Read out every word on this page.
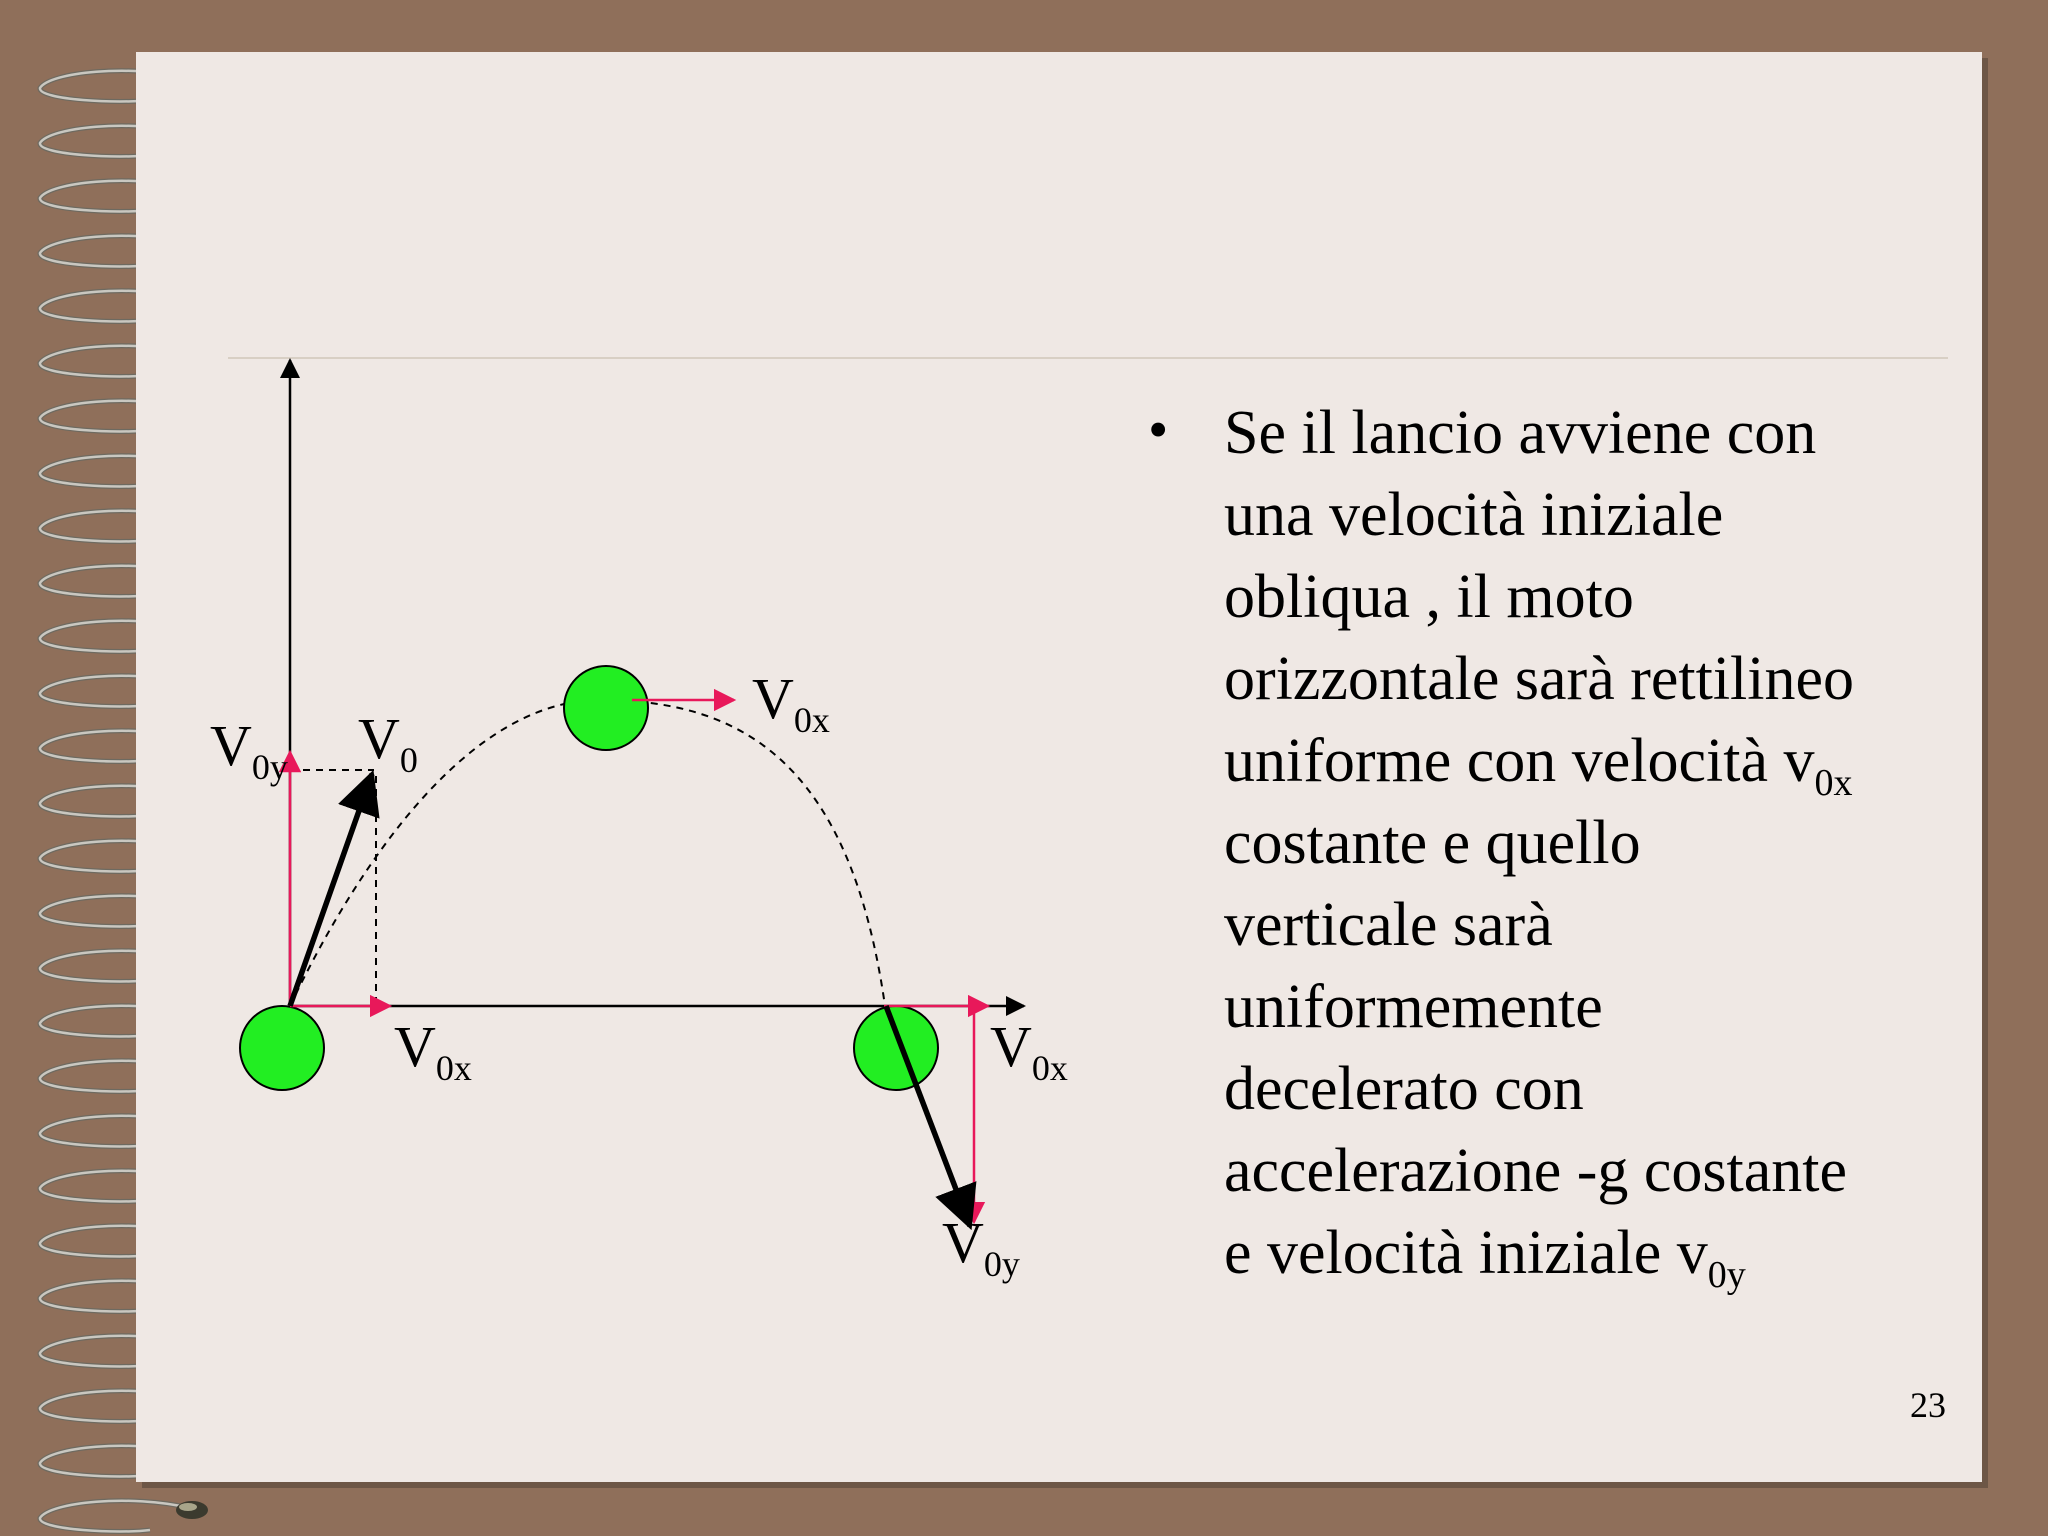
V0y V0
V0x
V0x	V0x
V0y
• Se il lancio avviene con
una velocità iniziale
obliqua , il moto
orizzontale sarà rettilineo
uniforme con velocità $v_{0x}$
costante e quello
verticale sarà
uniformemente
decelerato con
accelerazione -g costante
e velocità iniziale $v_{0y}$
23
